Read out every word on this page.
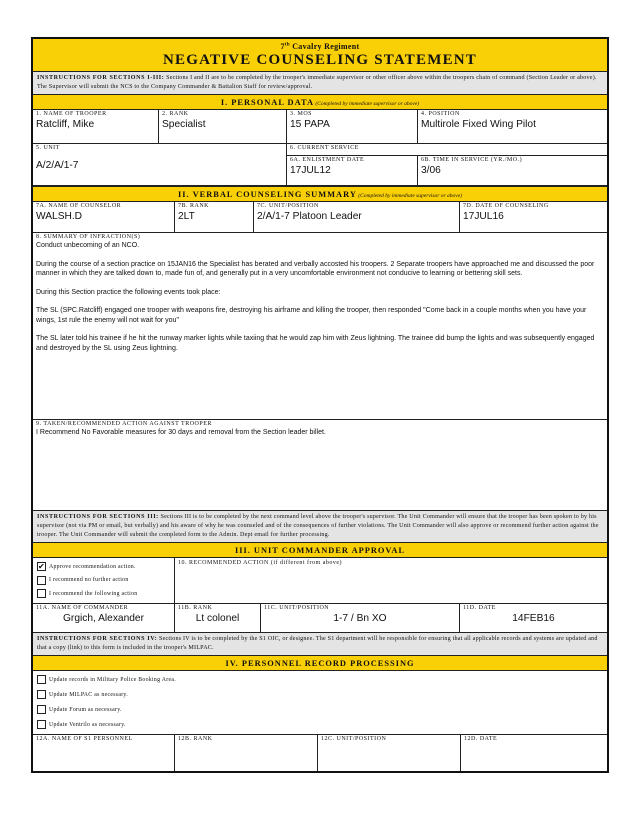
7th Cavalry Regiment
NEGATIVE COUNSELING STATEMENT
INSTRUCTIONS FOR SECTIONS I-III: Sections I and II are to be completed by the trooper's immediate supervisor or other officer above within the troopers chain of command (Section Leader or above). The Supervisor will submit the NCS to the Company Commander & Battalion Staff for review/approval.
I. PERSONAL DATA (Completed by immediate supervisor or above)
1. NAME OF TROOPER
Ratcliff, Mike
2. RANK
Specialist
3. MOS
15 PAPA
4. POSITION
Multirole Fixed Wing Pilot
5. UNIT
A/2/A/1-7
6. CURRENT SERVICE
6A. ENLISTMENT DATE
17JUL12
6B. TIME IN SERVICE (YR./MO.)
3/06
II. VERBAL COUNSELING SUMMARY (Completed by immediate supervisor or above)
7A. NAME OF COUNSELOR
WALSH.D
7B. RANK
2LT
7C. UNIT/POSITION
2/A/1-7 Platoon Leader
7D. DATE OF COUNSELING
17JUL16
8. SUMMARY OF INFRACTION(S)

Conduct unbecoming of an NCO.

During the course of a section practice on 15JAN16 the Specialist has berated and verbally accosted his troopers. 2 Separate troopers have approached me and discussed the poor manner in which they are talked down to, made fun of, and generally put in a very uncomfortable environment not conducive to learning or bettering skill sets.

During this Section practice the following events took place:

The SL (SPC.Ratcliff) engaged one trooper with weapons fire, destroying his airframe and killing the trooper, then responded "Come back in a couple months when you have your wings, 1st rule the enemy will not wait for you"

The SL later told his trainee if he hit the runway marker lights while taxiing that he would zap him with Zeus lightning. The trainee did bump the lights and was subsequently engaged and destroyed by the SL using Zeus lightning.

9. TAKEN/RECOMMENDED ACTION AGAINST TROOPER
I Recommend No Favorable measures for 30 days and removal from the Section leader billet.
INSTRUCTIONS FOR SECTIONS III: Sections III is to be completed by the next command level above the trooper's supervisor. The Unit Commander will ensure that the trooper has been spoken to by his supervisor (not via PM or email, but verbally) and his aware of why he was counseled and of the consequences of further violations. The Unit Commander will also approve or recommend further action against the trooper. The Unit Commander will submit the completed form to the Admin. Dept email for further processing.
III. UNIT COMMANDER APPROVAL
✔ Approve recommendation action.
I recommend no further action
I recommend the following action
10. RECOMMENDED ACTION (if different from above)
11A. NAME OF COMMANDER
Grgich, Alexander
11B. RANK
Lt colonel
11C. UNIT/POSITION
1-7 / Bn XO
11D. DATE
14FEB16
INSTRUCTIONS FOR SECTIONS IV: Sections IV is to be completed by the S1 OIC, or designee. The S1 department will be responsible for ensuring that all applicable records and systems are updated and that a copy (link) to this form is included in the trooper's MILPAC.
IV. PERSONNEL RECORD PROCESSING
Update records in Military Police Booking Area.
Update MILPAC as necessary.
Update Forum as necessary.
Update Ventrilo as necessary.
12A. NAME OF S1 PERSONNEL	12B. RANK	12C. UNIT/POSITION	12D. DATE
